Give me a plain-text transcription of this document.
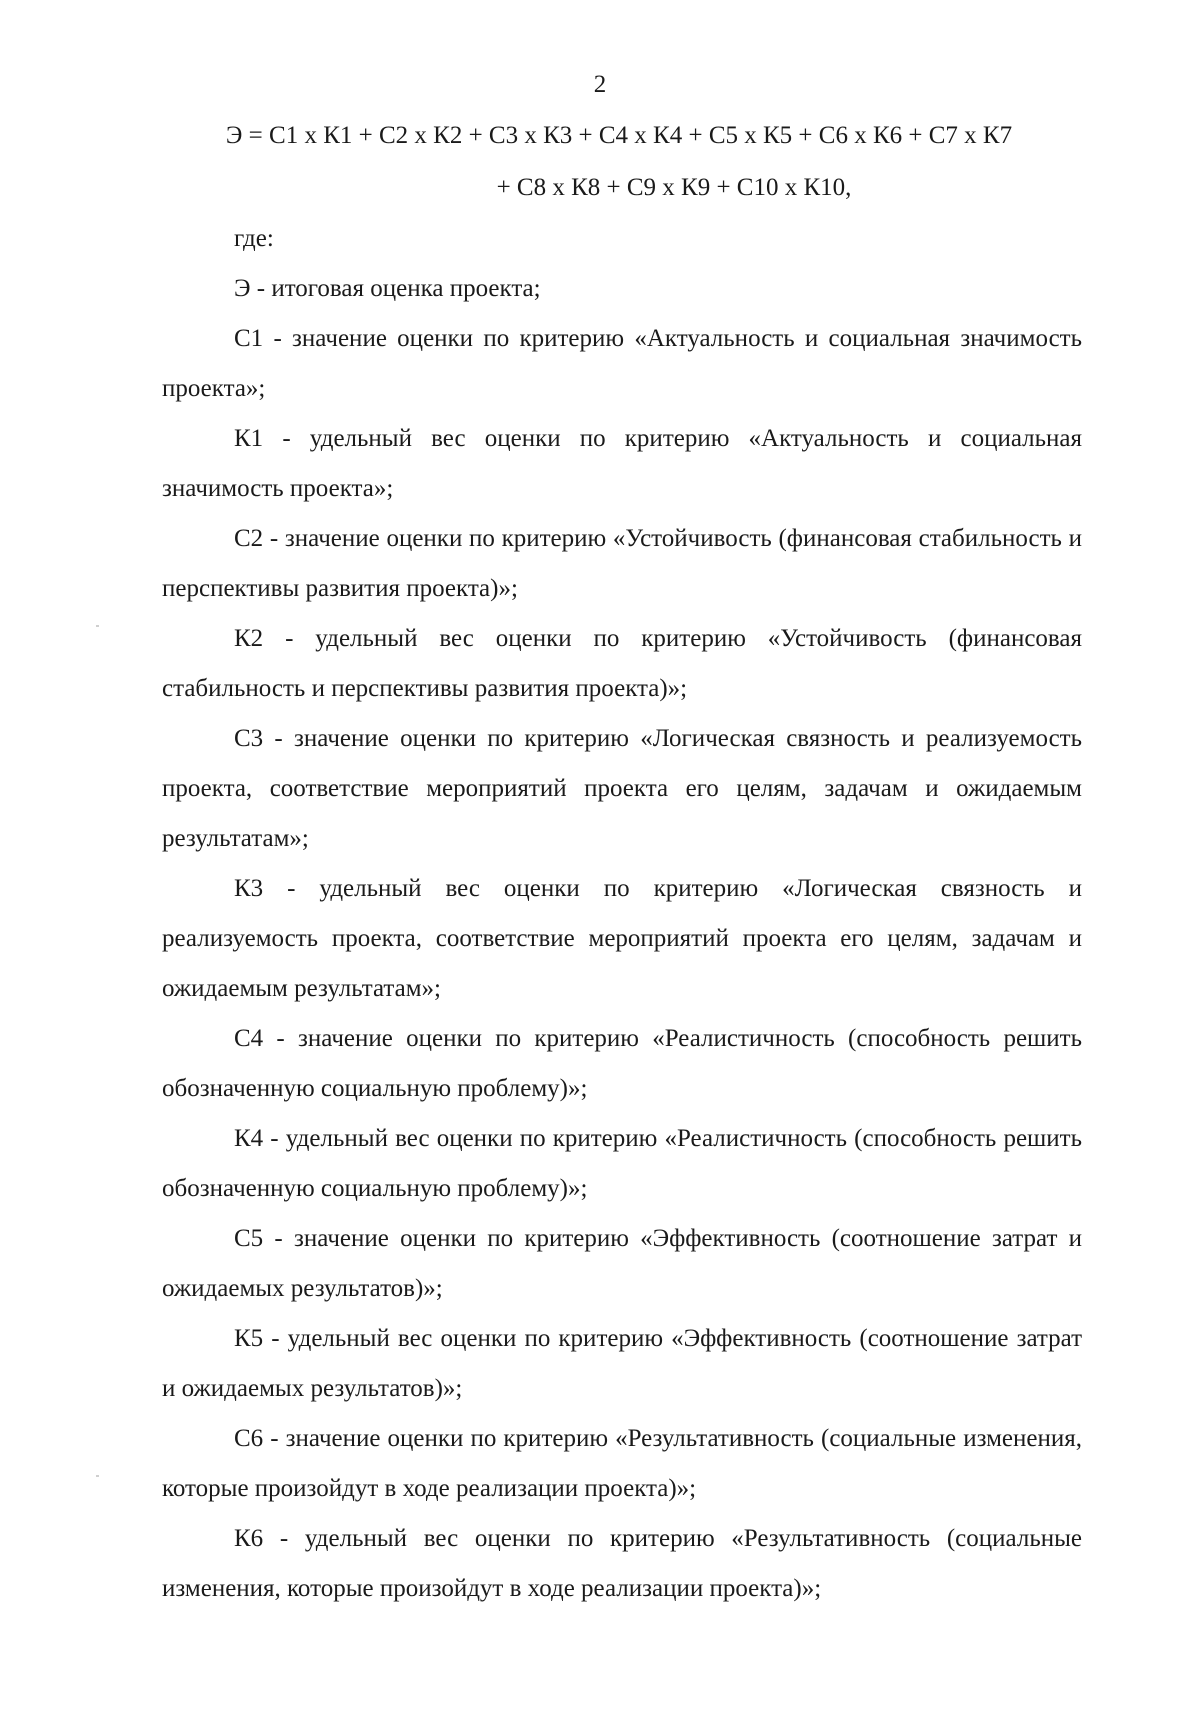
2
Э = С1 х К1 + С2 х К2 + С3 х К3 + С4 х К4 + С5 х К5 + С6 х К6 + С7 х К7
+ С8 х К8 + С9 х К9 + С10 х К10,

где:

Э - итоговая оценка проекта;

С1 - значение оценки по критерию «Актуальность и социальная значимость проекта»;

К1 - удельный вес оценки по критерию «Актуальность и социальная значимость проекта»;

С2 - значение оценки по критерию «Устойчивость (финансовая стабильность и перспективы развития проекта)»;

К2 - удельный вес оценки по критерию «Устойчивость (финансовая стабильность и перспективы развития проекта)»;

С3 - значение оценки по критерию «Логическая связность и реализуемость проекта, соответствие мероприятий проекта его целям, задачам и ожидаемым результатам»;

К3 - удельный вес оценки по критерию «Логическая связность и реализуемость проекта, соответствие мероприятий проекта его целям, задачам и ожидаемым результатам»;

С4 - значение оценки по критерию «Реалистичность (способность решить обозначенную социальную проблему)»;

К4 - удельный вес оценки по критерию «Реалистичность (способность решить обозначенную социальную проблему)»;

С5 - значение оценки по критерию «Эффективность (соотношение затрат и ожидаемых результатов)»;

К5 - удельный вес оценки по критерию «Эффективность (соотношение затрат и ожидаемых результатов)»;

С6 - значение оценки по критерию «Результативность (социальные изменения, которые произойдут в ходе реализации проекта)»;

К6 - удельный вес оценки по критерию «Результативность (социальные изменения, которые произойдут в ходе реализации проекта)»;
